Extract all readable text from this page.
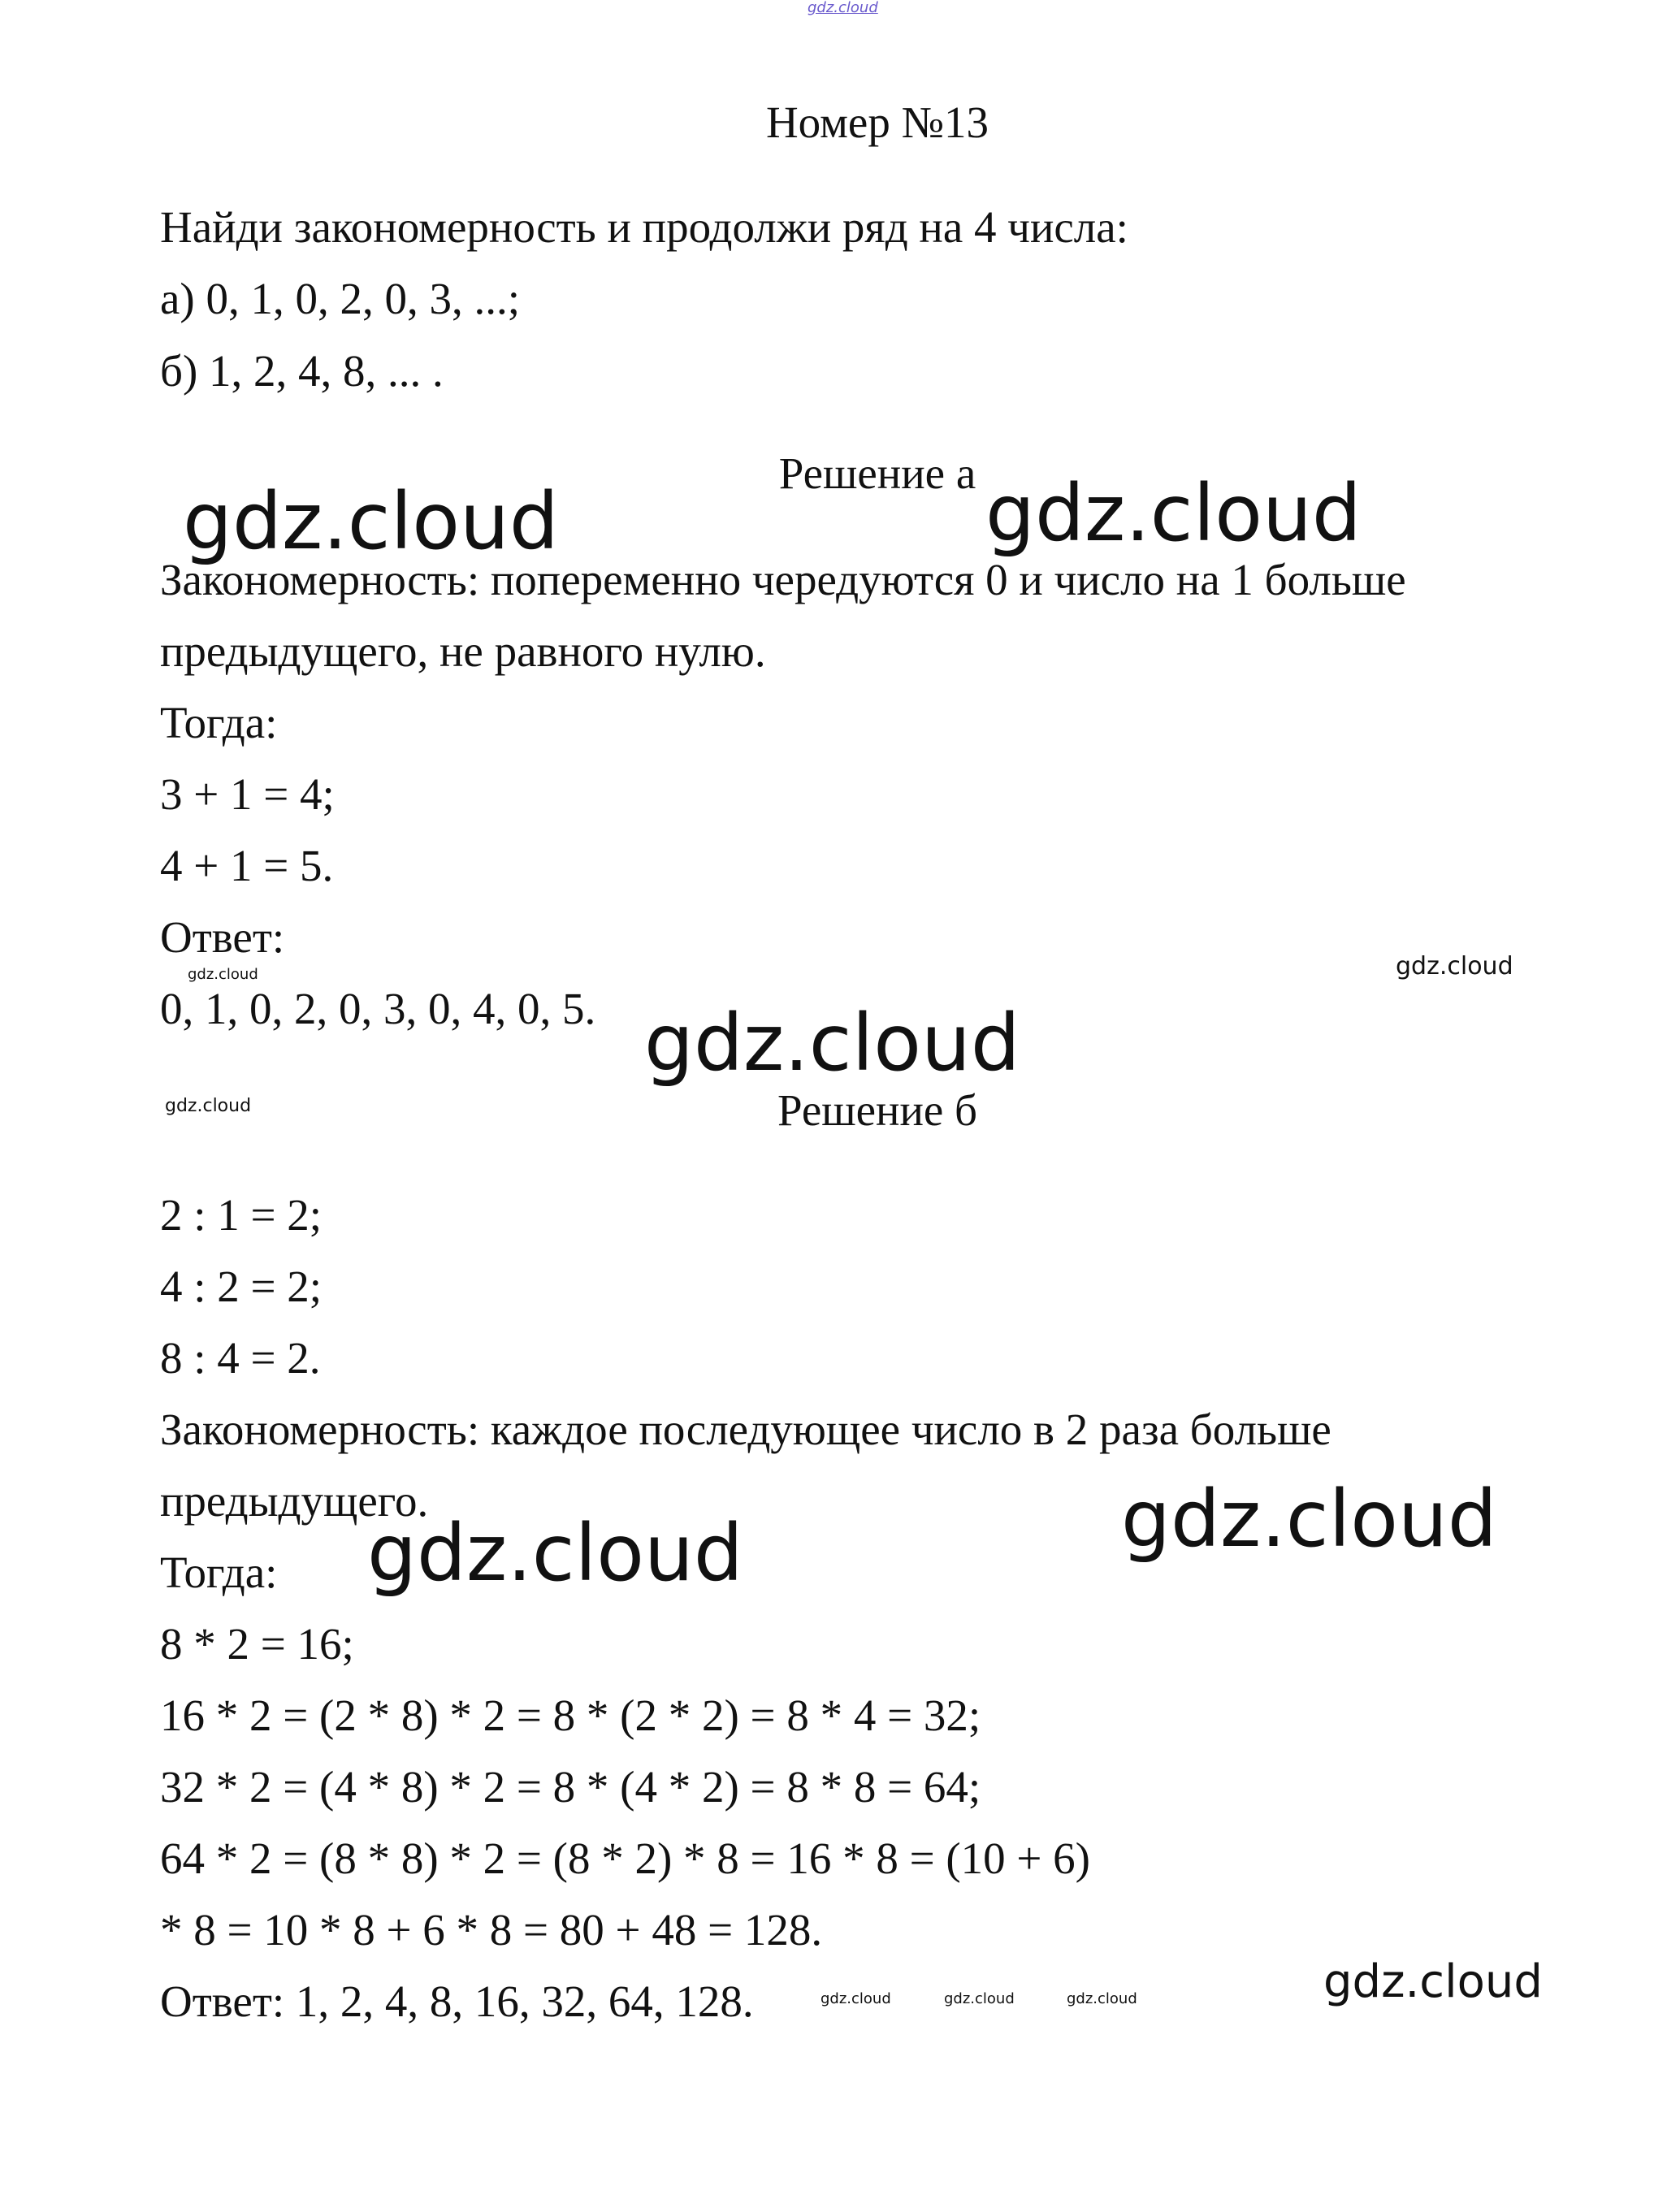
gdz.cloud
Номер №13
Найди закономерность и продолжи ряд на 4 числа:
а) 0, 1, 0, 2, 0, 3, ...;
б) 1, 2, 4, 8, ... .
Решение а
Закономерность: попеременно чередуются 0 и число на 1 больше
предыдущего, не равного нулю.
Тогда:
3 + 1 = 4;
4 + 1 = 5.
Ответ:
0, 1, 0, 2, 0, 3, 0, 4, 0, 5.
Решение б
2 : 1 = 2;
4 : 2 = 2;
8 : 4 = 2.
Закономерность: каждое последующее число в 2 раза больше
предыдущего.
Тогда:
8 * 2 = 16;
16 * 2 = (2 * 8) * 2 = 8 * (2 * 2) = 8 * 4 = 32;
32 * 2 = (4 * 8) * 2 = 8 * (4 * 2) = 8 * 8 = 64;
64 * 2 = (8 * 8) * 2 = (8 * 2) * 8 = 16 * 8 = (10 + 6)
* 8 = 10 * 8 + 6 * 8 = 80 + 48 = 128.
Ответ: 1, 2, 4, 8, 16, 32, 64, 128.
gdz.cloud	gdz.cloud
gdz.cloud
gdz.cloud
gdz.cloud
gdz.cloud
gdz.cloud
gdz.cloud
gdz.cloud
gdz.cloud	gdz.cloud	gdz.cloud
